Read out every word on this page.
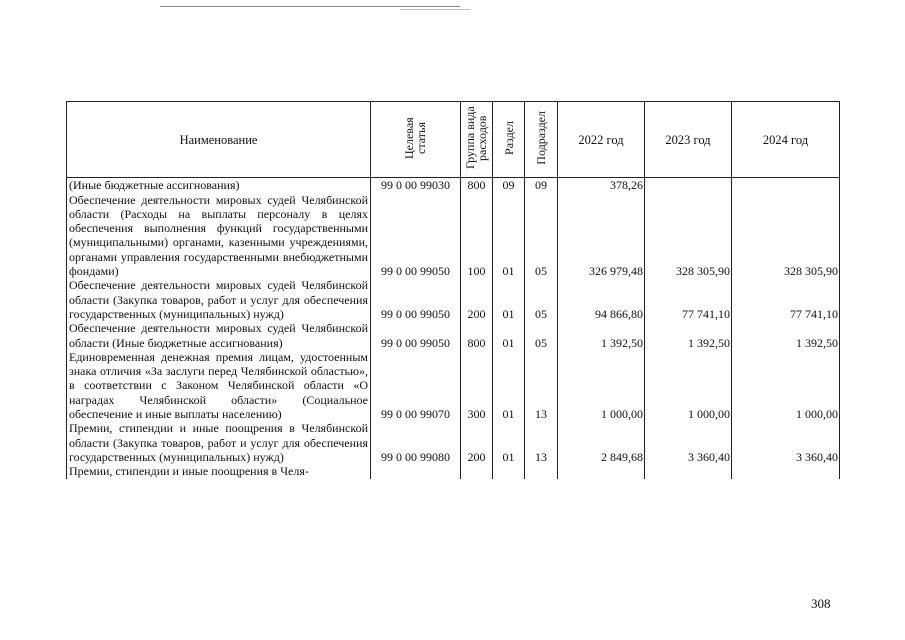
Наименование	Целевая статья	Группа вида расходов	Раздел	Подраздел	2022 год	2023 год	2024 год
(Иные бюджетные ассигнования)	99 0 00 99030	800	09	09	378,26		
Обеспечение деятельности мировых судей Челябинской области (Расходы на выплаты персоналу в целях обеспечения выполнения функций государственными (муниципальными) органами, казенными учреждениями, органами управления государственными внебюджетными фондами)	99 0 00 99050	100	01	05	326 979,48	328 305,90	328 305,90
Обеспечение деятельности мировых судей Челябинской области (Закупка товаров, работ и услуг для обеспечения государственных (муниципальных) нужд)	99 0 00 99050	200	01	05	94 866,80	77 741,10	77 741,10
Обеспечение деятельности мировых судей Челябинской области (Иные бюджетные ассигнования)	99 0 00 99050	800	01	05	1 392,50	1 392,50	1 392,50
Единовременная денежная премия лицам, удостоенным знака отличия «За заслуги перед Челябинской областью», в соответствии с Законом Челябинской области «О наградах Челябинской области» (Социальное обеспечение и иные выплаты населению)	99 0 00 99070	300	01	13	1 000,00	1 000,00	1 000,00
Премии, стипендии и иные поощрения в Челябинской области (Закупка товаров, работ и услуг для обеспечения государственных (муниципальных) нужд)	99 0 00 99080	200	01	13	2 849,68	3 360,40	3 360,40
Премии, стипендии и иные поощрения в Челя-							
308
